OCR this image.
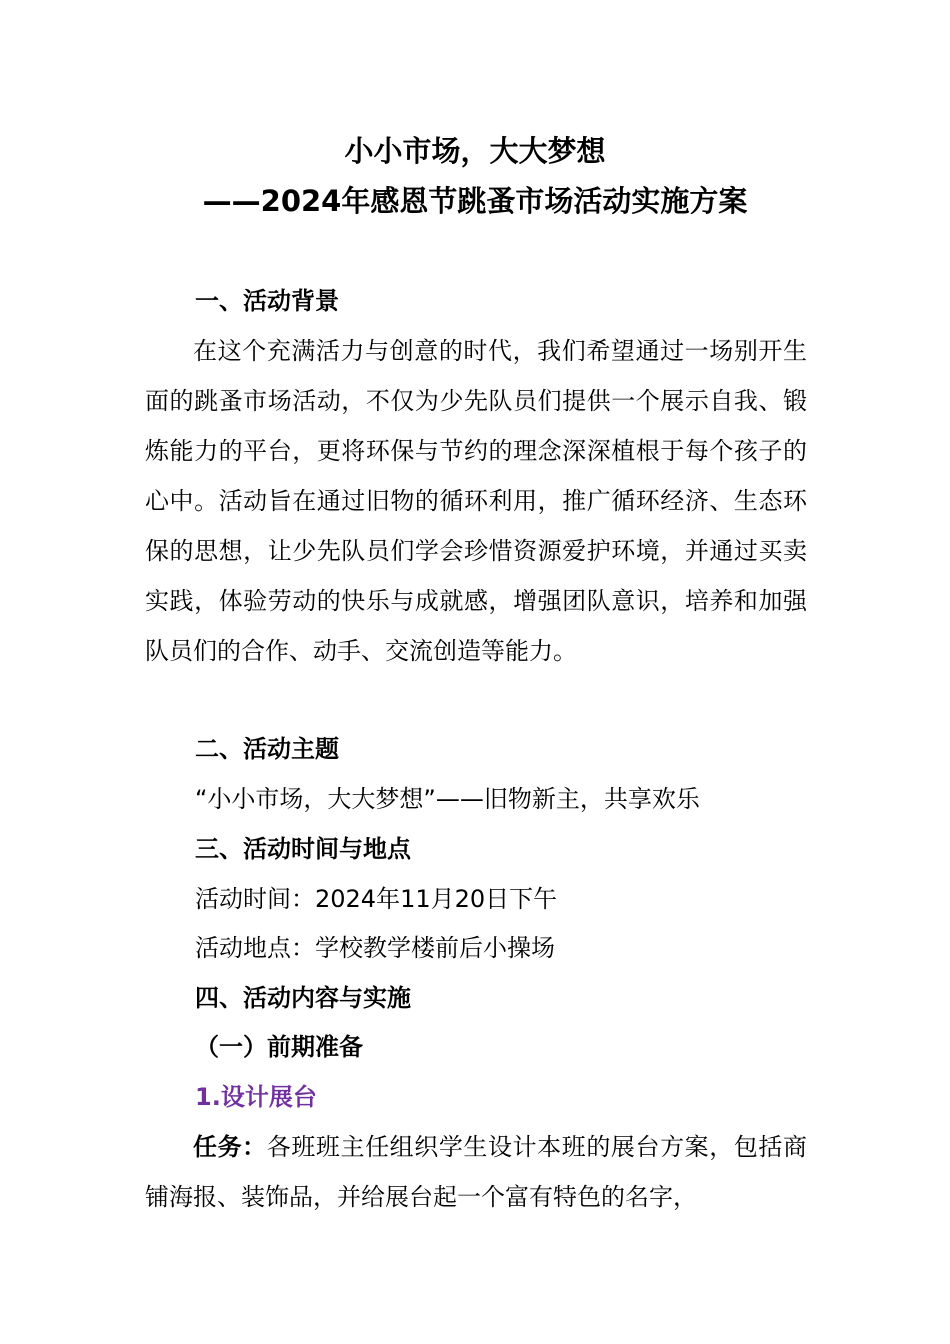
小小市场，大大梦想
——2024年感恩节跳蚤市场活动实施方案
一、活动背景

在这个充满活力与创意的时代，我们希望通过一场别开生面的跳蚤市场活动，不仅为少先队员们提供一个展示自我、锻炼能力的平台，更将环保与节约的理念深深植根于每个孩子的心中。活动旨在通过旧物的循环利用，推广循环经济、生态环保的思想，让少先队员们学会珍惜资源爱护环境，并通过买卖实践，体验劳动的快乐与成就感，增强团队意识，培养和加强队员们的合作、动手、交流创造等能力。

二、活动主题
“小小市场，大大梦想”——旧物新主，共享欢乐
三、活动时间与地点
活动时间：2024年11月20日下午
活动地点：学校教学楼前后小操场
四、活动内容与实施
（一）前期准备
1.设计展台

任务：各班班主任组织学生设计本班的展台方案，包括商铺海报、装饰品，并给展台起一个富有特色的名字，
